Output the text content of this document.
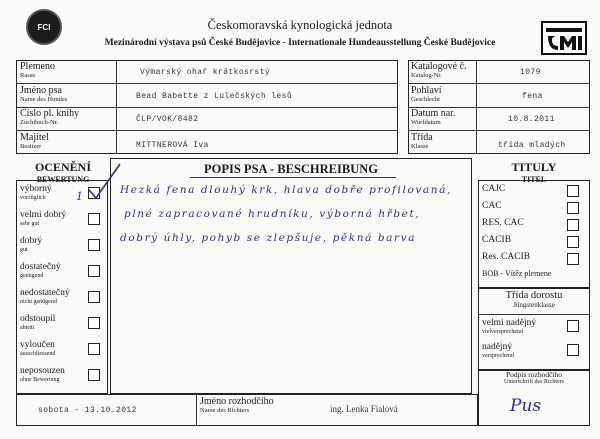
FCI	Českomoravská kynologická jednota
Mezinárodní výstava psů České Budějovice - Internationale Hundeausstellung České Budějovice
Plemeno
Rasse	Výmarský ohař krátkosrstý
Jméno psa
Name des Hundes	Bead Babette z Lulečských lesů
Číslo pl. knihy
Zuchtbuch-Nr.	ČLP/VOK/8482
Majitel
Besitzer	MITTNEROVÁ Iva
Katalogové č.
Katalog-Nr.	1079
Pohlaví
Geschlecht	fena
Datum nar.
Wurfdatum	10.8.2011
Třída
Klasse	třída mladých
OCENĚNÍ
BEWERTUNG
výborný
vorzüglich
velmi dobrý
sehr gut
dobrý
gut
dostatečný
genügend
nedostatečný
nicht genügend
odstoupil
abtritt
vyloučen
ausschliessend
neposouzen
ohne Bewertung
1
POPIS PSA - BESCHREIBUNG
Hezká fena dlouhý krk, hlava dobře profilovaná,
plné zapracované hrudníku, výborná hřbet,
dobrý úhly, pohyb se zlepšuje, pěkná barva
TITULY
TITEL
CAJC
CAC
RES. CAC
CACIB
Res. CACIB
BOB - Vítěz plemene
Třída dorostu
Jüngstenklasse
velmi nadějný
vielversprechend
nadějný
versprechend
Podpis rozhodčího
Unterschrift des Richters
Pus
sobota - 13.10.2012
Jméno rozhodčího
Name des Richters	ing. Lenka Fialová
